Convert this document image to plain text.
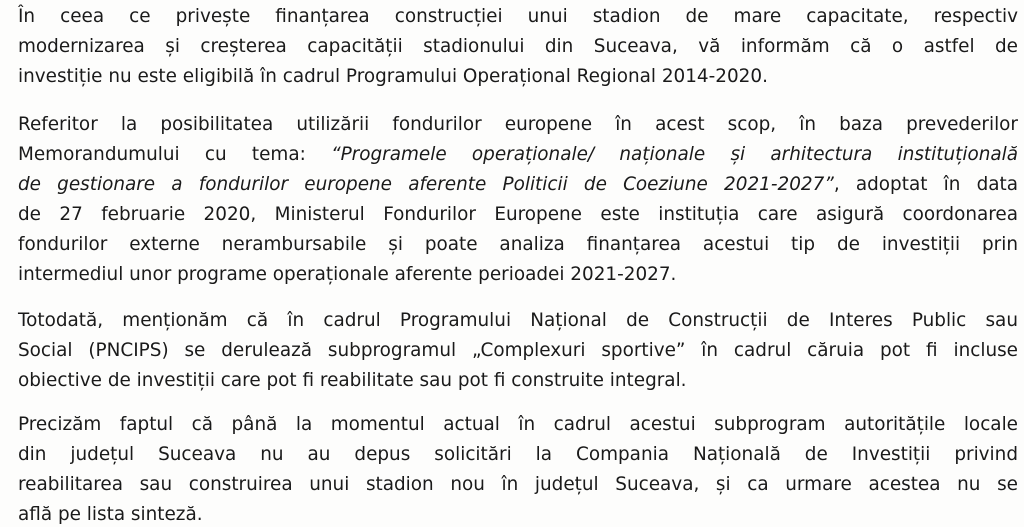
În ceea ce privește finanțarea construcției unui stadion de mare capacitate, respectiv
modernizarea și creșterea capacității stadionului din Suceava, vă informăm că o astfel de
investiție nu este eligibilă în cadrul Programului Operațional Regional 2014-2020.
Referitor la posibilitatea utilizării fondurilor europene în acest scop, în baza prevederilor
Memorandumului cu tema: “Programele operaționale/ naționale și arhitectura instituțională
de gestionare a fondurilor europene aferente Politicii de Coeziune 2021-2027”, adoptat în data
de 27 februarie 2020, Ministerul Fondurilor Europene este instituția care asigură coordonarea
fondurilor externe nerambursabile și poate analiza finanțarea acestui tip de investiții prin
intermediul unor programe operaționale aferente perioadei 2021-2027.
Totodată, menționăm că în cadrul Programului Național de Construcții de Interes Public sau
Social (PNCIPS) se derulează subprogramul „Complexuri sportive” în cadrul căruia pot fi incluse
obiective de investiții care pot fi reabilitate sau pot fi construite integral.
Precizăm faptul că până la momentul actual în cadrul acestui subprogram autoritățile locale
din județul Suceava nu au depus solicitări la Compania Națională de Investiții privind
reabilitarea sau construirea unui stadion nou în județul Suceava, și ca urmare acestea nu se
află pe lista sinteză.
